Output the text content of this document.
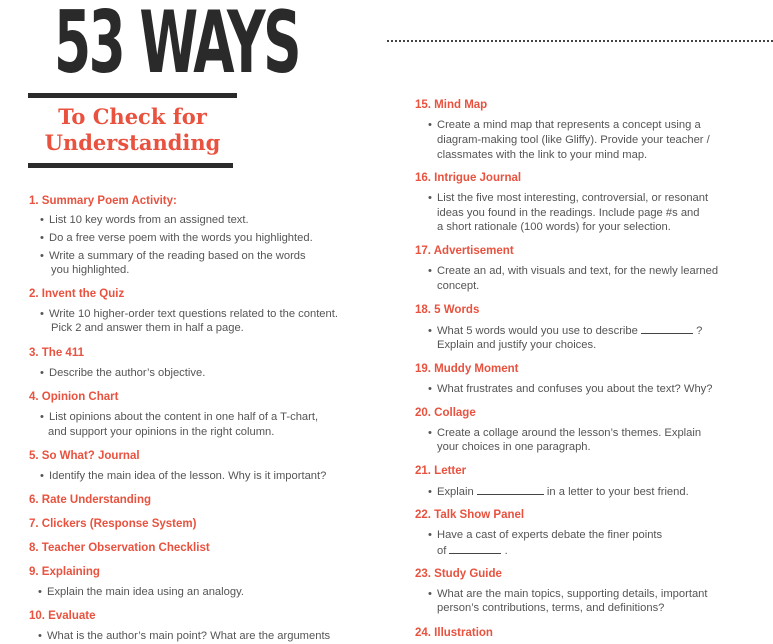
53 WAYS
To Check for
Understanding
1. Summary Poem Activity:
• List 10 key words from an assigned text.
• Do a free verse poem with the words you highlighted.
• Write a summary of the reading based on the words
you highlighted.
2. Invent the Quiz
• Write 10 higher-order text questions related to the content.
Pick 2 and answer them in half a page.
3. The 411
• Describe the author’s objective.
4. Opinion Chart
• List opinions about the content in one half of a T-chart,
and support your opinions in the right column.
5. So What? Journal
• Identify the main idea of the lesson. Why is it important?
6. Rate Understanding
7. Clickers (Response System)
8. Teacher Observation Checklist
9. Explaining
• Explain the main idea using an analogy.
10. Evaluate
• What is the author’s main point? What are the arguments
15. Mind Map
• Create a mind map that represents a concept using a
diagram-making tool (like Gliffy). Provide your teacher /
classmates with the link to your mind map.
16. Intrigue Journal
• List the five most interesting, controversial, or resonant
ideas you found in the readings. Include page #s and
a short rationale (100 words) for your selection.
17. Advertisement
• Create an ad, with visuals and text, for the newly learned
concept.
18. 5 Words
• What 5 words would you use to describe	?
Explain and justify your choices.
19. Muddy Moment
• What frustrates and confuses you about the text? Why?
20. Collage
• Create a collage around the lesson’s themes. Explain
your choices in one paragraph.
21. Letter
• Explain	in a letter to your best friend.
22. Talk Show Panel
• Have a cast of experts debate the finer points
of	.
23. Study Guide
• What are the main topics, supporting details, important
person’s contributions, terms, and definitions?
24. Illustration
